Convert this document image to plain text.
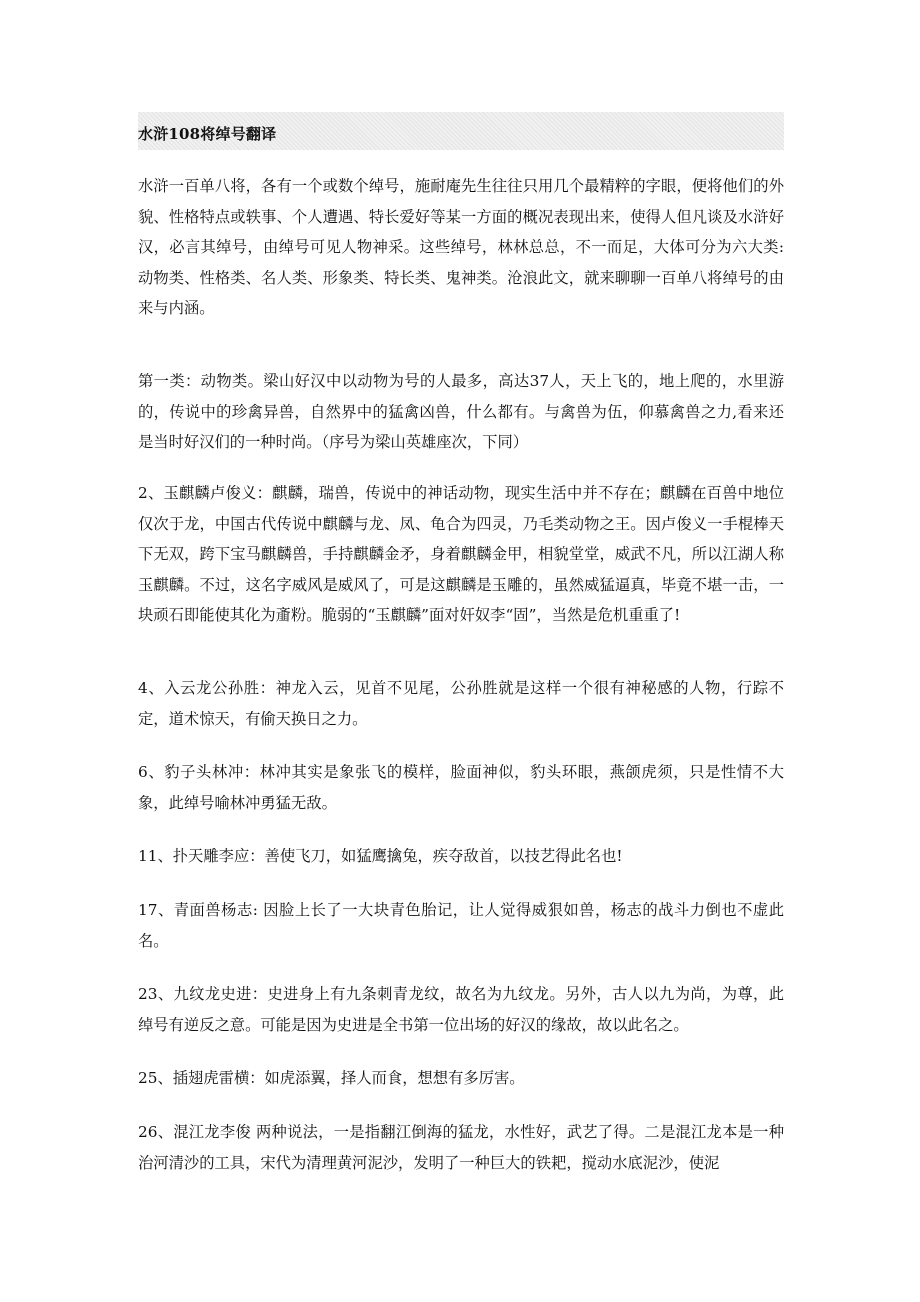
水浒108将绰号翻译

水浒一百单八将，各有一个或数个绰号，施耐庵先生往往只用几个最精粹的字眼，便将他们的外貌、性格特点或轶事、个人遭遇、特长爱好等某一方面的概况表现出来，使得人但凡谈及水浒好汉，必言其绰号，由绰号可见人物神采。这些绰号，林林总总，不一而足，大体可分为六大类: 动物类、性格类、名人类、形象类、特长类、鬼神类。沧浪此文，就来聊聊一百单八将绰号的由来与内涵。

第一类：动物类。梁山好汉中以动物为号的人最多，高达37人，天上飞的，地上爬的，水里游的，传说中的珍禽异兽，自然界中的猛禽凶兽，什么都有。与禽兽为伍，仰慕禽兽之力,看来还是当时好汉们的一种时尚。（序号为梁山英雄座次，下同）

2、玉麒麟卢俊义：麒麟，瑞兽，传说中的神话动物，现实生活中并不存在；麒麟在百兽中地位仅次于龙，中国古代传说中麒麟与龙、凤、龟合为四灵，乃毛类动物之王。因卢俊义一手棍棒天下无双，跨下宝马麒麟兽，手持麒麟金矛，身着麒麟金甲，相貌堂堂，威武不凡，所以江湖人称玉麒麟。不过，这名字威风是威风了，可是这麒麟是玉雕的，虽然威猛逼真，毕竟不堪一击，一块顽石即能使其化为齑粉。脆弱的“玉麒麟”面对奸奴李“固”，当然是危机重重了!

4、入云龙公孙胜：神龙入云，见首不见尾，公孙胜就是这样一个很有神秘感的人物，行踪不定，道术惊天，有偷天换日之力。

6、豹子头林冲：林冲其实是象张飞的模样，脸面神似，豹头环眼，燕颌虎须，只是性情不大象，此绰号喻林冲勇猛无敌。

11、扑天雕李应：善使飞刀，如猛鹰擒兔，疾夺敌首，以技艺得此名也!

17、青面兽杨志: 因脸上长了一大块青色胎记，让人觉得威狠如兽，杨志的战斗力倒也不虚此名。

23、九纹龙史进：史进身上有九条刺青龙纹，故名为九纹龙。另外，古人以九为尚，为尊，此绰号有逆反之意。可能是因为史进是全书第一位出场的好汉的缘故，故以此名之。

25、插翅虎雷横：如虎添翼，择人而食，想想有多厉害。

26、混江龙李俊 两种说法，一是指翻江倒海的猛龙，水性好，武艺了得。二是混江龙本是一种治河清沙的工具，宋代为清理黄河泥沙，发明了一种巨大的铁耙，搅动水底泥沙，使泥
